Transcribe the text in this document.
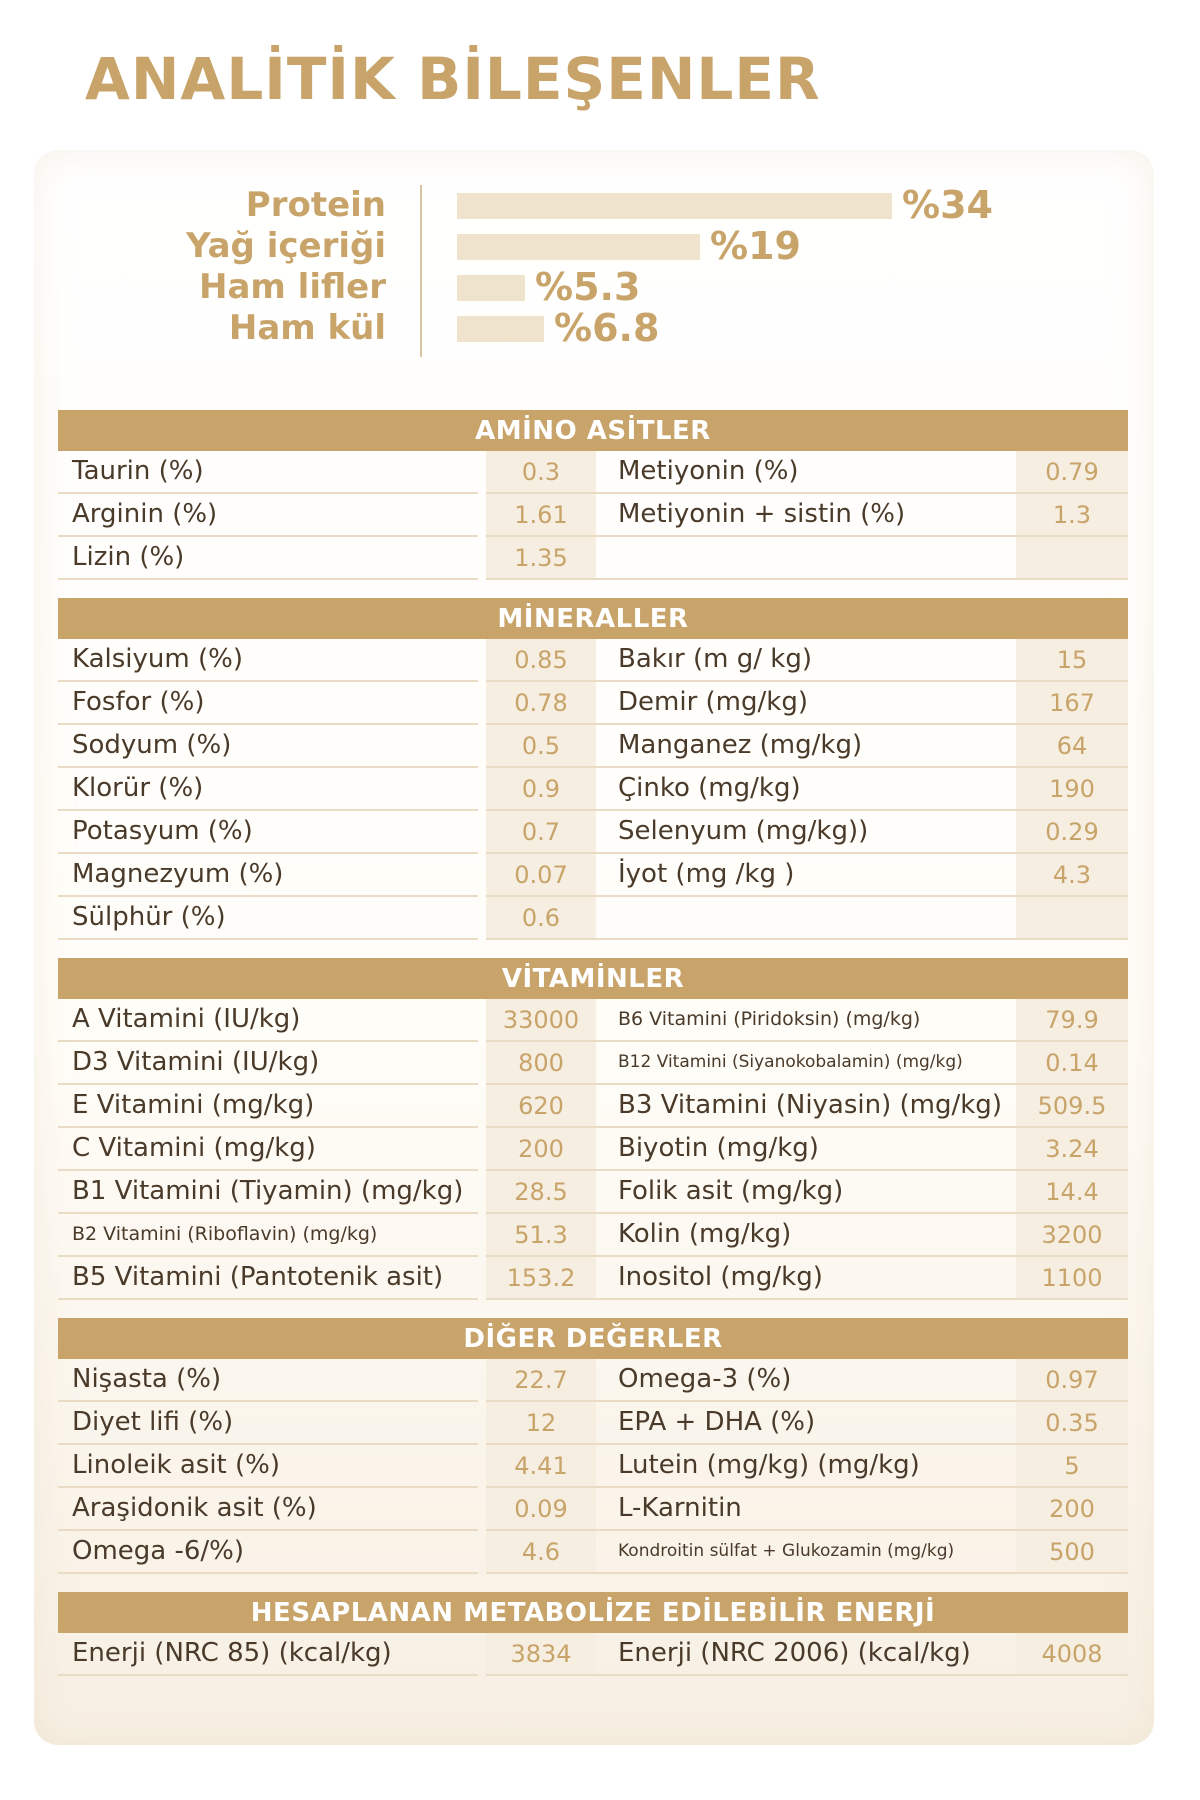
ANALİTİK BİLEŞENLER
Protein	%34
Yağ içeriği	%19
Ham lifler	%5.3
Ham kül	%6.8
AMİNO ASİTLER
Taurin (%)	0.3	Metiyonin (%)	0.79
Arginin (%)	1.61	Metiyonin + sistin (%)	1.3
Lizin (%)	1.35
MİNERALLER
Kalsiyum (%)	0.85	Bakır (m g/ kg)	15
Fosfor (%)	0.78	Demir (mg/kg)	167
Sodyum (%)	0.5	Manganez (mg/kg)	64
Klorür (%)	0.9	Çinko (mg/kg)	190
Potasyum (%)	0.7	Selenyum (mg/kg))	0.29
Magnezyum (%)	0.07	İyot (mg /kg )	4.3
Sülphür (%)	0.6
VİTAMİNLER
A Vitamini (IU/kg)	33000	B6 Vitamini (Piridoksin) (mg/kg)	79.9
D3 Vitamini (IU/kg)	800	B12 Vitamini (Siyanokobalamin) (mg/kg)	0.14
E Vitamini (mg/kg)	620	B3 Vitamini (Niyasin) (mg/kg)	509.5
C Vitamini (mg/kg)	200	Biyotin (mg/kg)	3.24
B1 Vitamini (Tiyamin) (mg/kg)	28.5	Folik asit (mg/kg)	14.4
B2 Vitamini (Riboflavin) (mg/kg)	51.3	Kolin (mg/kg)	3200
B5 Vitamini (Pantotenik asit)	153.2	Inositol (mg/kg)	1100
DİĞER DEĞERLER
Nişasta (%)	22.7	Omega-3 (%)	0.97
Diyet lifi (%)	12	EPA + DHA (%)	0.35
Linoleik asit (%)	4.41	Lutein (mg/kg) (mg/kg)	5
Araşidonik asit (%)	0.09	L-Karnitin	200
Omega -6/%)	4.6	Kondroitin sülfat + Glukozamin (mg/kg)	500
HESAPLANAN METABOLİZE EDİLEBİLİR ENERJİ
Enerji (NRC 85) (kcal/kg)	3834	Enerji (NRC 2006) (kcal/kg)	4008
